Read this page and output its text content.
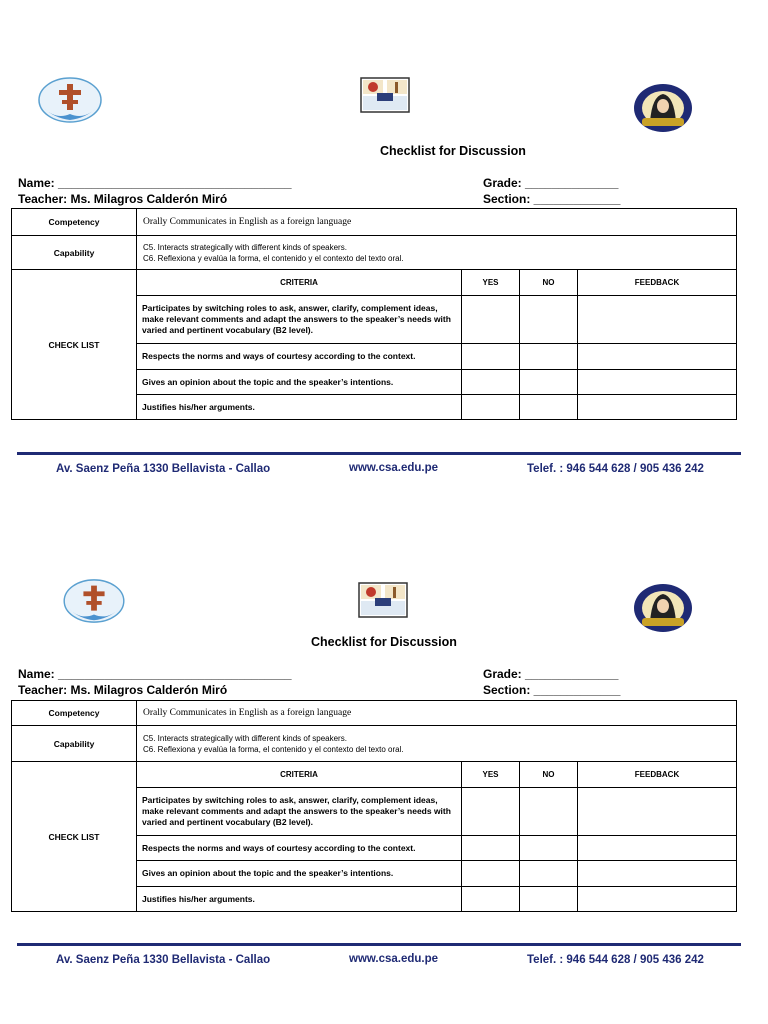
Checklist for Discussion
Name: ___________________________________
Teacher: Ms. Milagros Calderón Miró
Grade: ______________
Section: _____________
Competency	Orally Communicates in English as a foreign language			
Capability	C5. Interacts strategically with different kinds of speakers.
C6. Reflexiona y evalúa la forma, el contenido y el contexto del texto oral.			

CHECK LIST	CRITERIA	YES	NO	FEEDBACK
	Participates by switching roles to ask, answer, clarify, complement ideas, make relevant comments and adapt the answers to the speaker’s needs with varied and pertinent vocabulary (B2 level).			
	Respects the norms and ways of courtesy according to the context.			
	Gives an opinion about the topic and the speaker’s intentions.			
	Justifies his/her arguments.			
Av. Saenz Peña 1330 Bellavista - Callao	www.csa.edu.pe	Telef. : 946 544 628 / 905 436 242
Checklist for Discussion
Name: ___________________________________
Teacher: Ms. Milagros Calderón Miró
Grade: ______________
Section: _____________
Competency	Orally Communicates in English as a foreign language			
Capability	C5. Interacts strategically with different kinds of speakers.
C6. Reflexiona y evalúa la forma, el contenido y el contexto del texto oral.			

CHECK LIST	CRITERIA	YES	NO	FEEDBACK
	Participates by switching roles to ask, answer, clarify, complement ideas, make relevant comments and adapt the answers to the speaker’s needs with varied and pertinent vocabulary (B2 level).			
	Respects the norms and ways of courtesy according to the context.			
	Gives an opinion about the topic and the speaker’s intentions.			
	Justifies his/her arguments.			
Av. Saenz Peña 1330 Bellavista - Callao	www.csa.edu.pe	Telef. : 946 544 628 / 905 436 242
